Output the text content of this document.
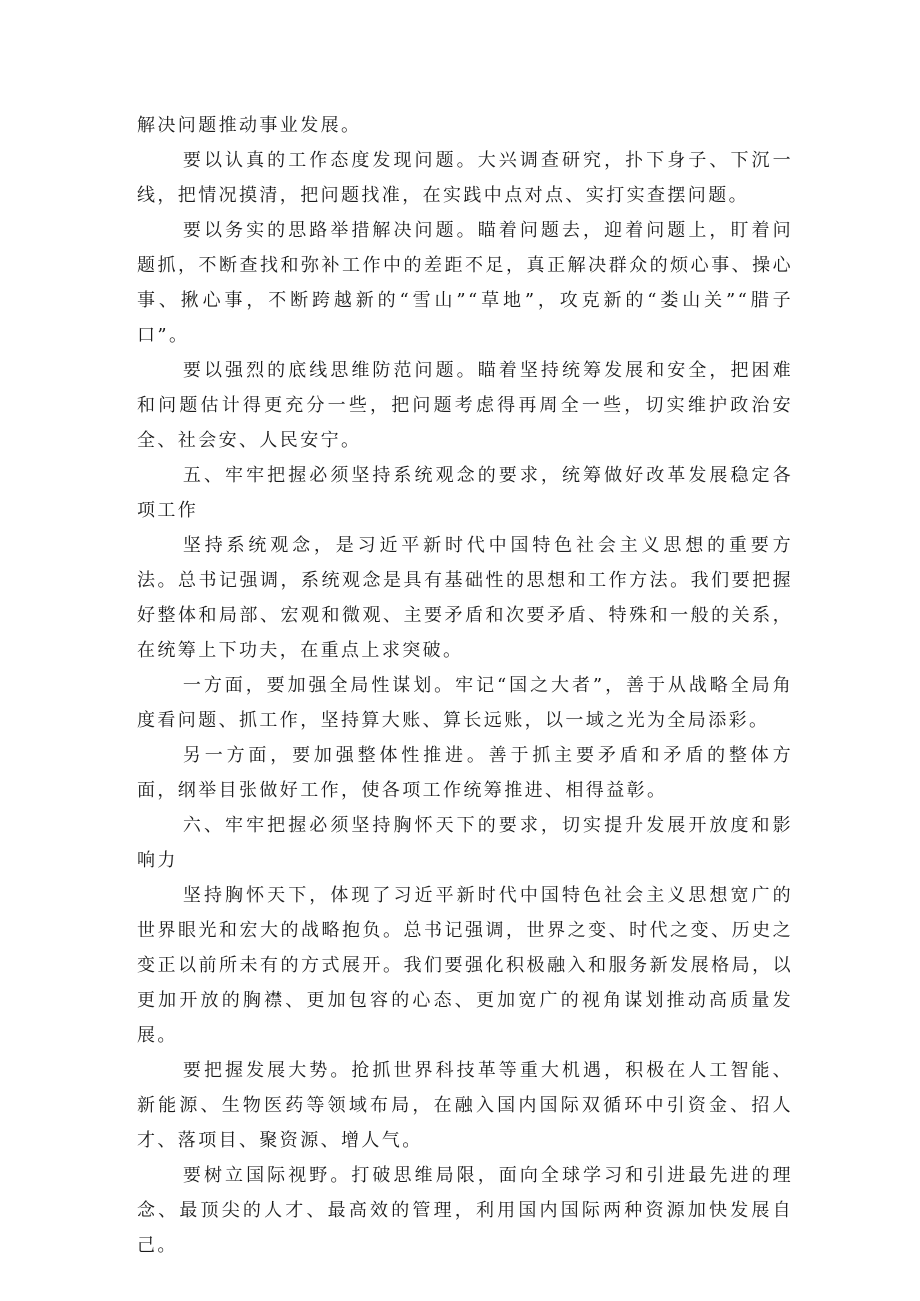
解决问题推动事业发展。

要以认真的工作态度发现问题。大兴调查研究，扑下身子、下沉一线，把情况摸清，把问题找准，在实践中点对点、实打实查摆问题。

要以务实的思路举措解决问题。瞄着问题去，迎着问题上，盯着问题抓，不断查找和弥补工作中的差距不足，真正解决群众的烦心事、操心事、揪心事，不断跨越新的“雪山”“草地”，攻克新的“娄山关”“腊子口”。

要以强烈的底线思维防范问题。瞄着坚持统筹发展和安全，把困难和问题估计得更充分一些，把问题考虑得再周全一些，切实维护政治安全、社会安、人民安宁。

五、牢牢把握必须坚持系统观念的要求，统筹做好改革发展稳定各项工作

坚持系统观念，是习近平新时代中国特色社会主义思想的重要方法。总书记强调，系统观念是具有基础性的思想和工作方法。我们要把握好整体和局部、宏观和微观、主要矛盾和次要矛盾、特殊和一般的关系，在统筹上下功夫，在重点上求突破。

一方面，要加强全局性谋划。牢记“国之大者”，善于从战略全局角度看问题、抓工作，坚持算大账、算长远账，以一域之光为全局添彩。

另一方面，要加强整体性推进。善于抓主要矛盾和矛盾的整体方面，纲举目张做好工作，使各项工作统筹推进、相得益彰。

六、牢牢把握必须坚持胸怀天下的要求，切实提升发展开放度和影响力

坚持胸怀天下，体现了习近平新时代中国特色社会主义思想宽广的世界眼光和宏大的战略抱负。总书记强调，世界之变、时代之变、历史之变正以前所未有的方式展开。我们要强化积极融入和服务新发展格局，以更加开放的胸襟、更加包容的心态、更加宽广的视角谋划推动高质量发展。

要把握发展大势。抢抓世界科技革等重大机遇，积极在人工智能、新能源、生物医药等领域布局，在融入国内国际双循环中引资金、招人才、落项目、聚资源、增人气。

要树立国际视野。打破思维局限，面向全球学习和引进最先进的理念、最顶尖的人才、最高效的管理，利用国内国际两种资源加快发展自己。
